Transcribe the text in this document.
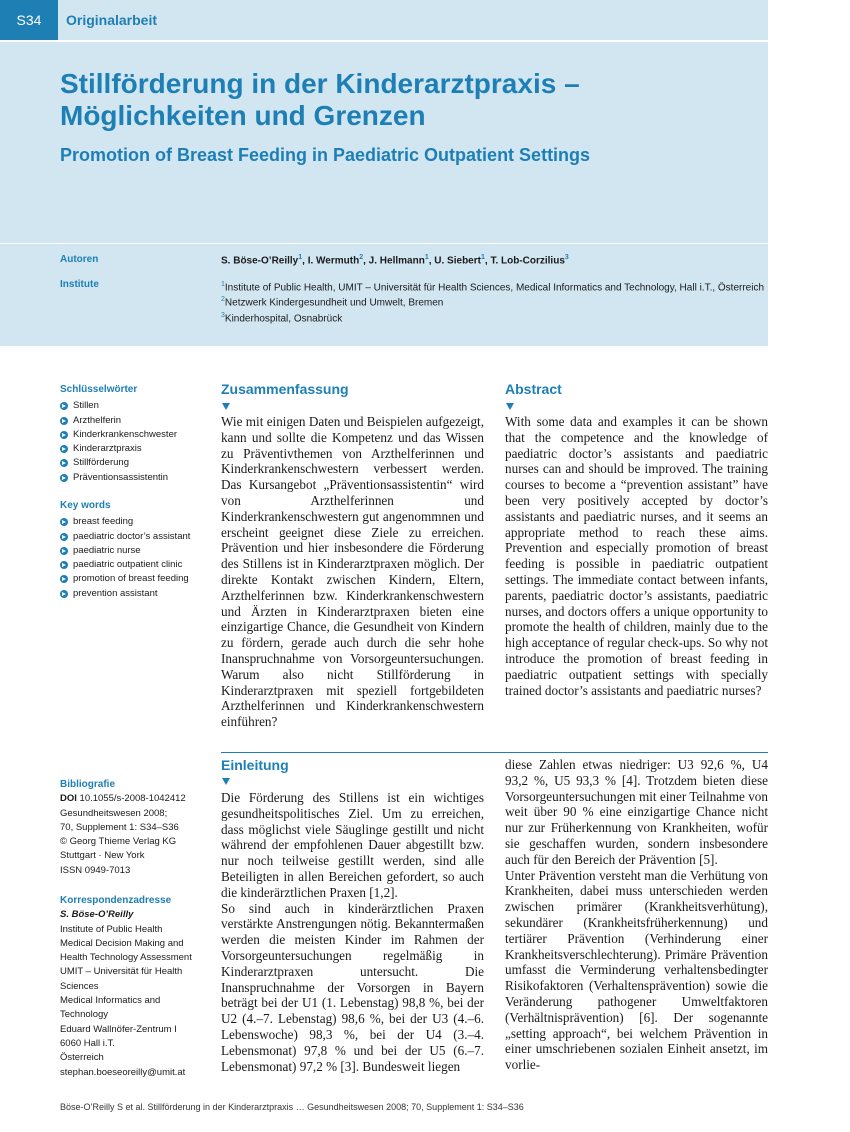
S34	Originalarbeit
Stillförderung in der Kinderarztpraxis – Möglichkeiten und Grenzen
Promotion of Breast Feeding in Paediatric Outpatient Settings
Autoren
Institute
S. Böse-O’Reilly$^1$, I. Wermuth$^2$, J. Hellmann$^1$, U. Siebert$^1$, T. Lob-Corzilius$^3$
$^1$Institute of Public Health, UMIT – Universität für Health Sciences, Medical Informatics and Technology, Hall i.T., Österreich
$^2$Netzwerk Kindergesundheit und Umwelt, Bremen
$^3$Kinderhospital, Osnabrück
Schlüsselwörter
Stillen
Arzthelferin
Kinderkrankenschwester
Kinderarztpraxis
Stillförderung
Präventionsassistentin
Key words
breast feeding
paediatric doctor’s assistant
paediatric nurse
paediatric outpatient clinic
promotion of breast feeding
prevention assistant
Zusammenfassung
Wie mit einigen Daten und Beispielen aufgezeigt, kann und sollte die Kompetenz und das Wissen zu Präventivthemen von Arzthelferinnen und Kinderkrankenschwestern verbessert werden. Das Kursangebot „Präventionsassistentin“ wird von Arzthelferinnen und Kinderkrankenschwestern gut angenommnen und erscheint geeignet diese Ziele zu erreichen. Prävention und hier insbesondere die Förderung des Stillens ist in Kinderarztpraxen möglich. Der direkte Kontakt zwischen Kindern, Eltern, Arzthelferinnen bzw. Kinderkrankenschwestern und Ärzten in Kinderarztpraxen bieten eine einzigartige Chance, die Gesundheit von Kindern zu fördern, gerade auch durch die sehr hohe Inanspruchnahme von Vorsorgeuntersuchungen. Warum also nicht Stillförderung in Kinderarztpraxen mit speziell fortgebildeten Arzthelferinnen und Kinderkrankenschwestern einführen?
Abstract
With some data and examples it can be shown that the competence and the knowledge of paediatric doctor’s assistants and paediatric nurses can and should be improved. The training courses to become a “prevention assistant” have been very positively accepted by doctor’s assistants and paediatric nurses, and it seems an appropriate method to reach these aims. Prevention and especially promotion of breast feeding is possible in paediatric outpatient settings. The immediate contact between infants, parents, paediatric doctor’s assistants, paediatric nurses, and doctors offers a unique opportunity to promote the health of children, mainly due to the high acceptance of regular check-ups. So why not introduce the promotion of breast feeding in paediatric outpatient settings with specially trained doctor’s assistants and paediatric nurses?
Einleitung

Die Förderung des Stillens ist ein wichtiges gesundheitspolitisches Ziel. Um zu erreichen, dass möglichst viele Säuglinge gestillt und nicht während der empfohlenen Dauer abgestillt bzw. nur noch teilweise gestillt werden, sind alle Beteiligten in allen Bereichen gefordert, so auch die kinderärztlichen Praxen [1,2].

So sind auch in kinderärztlichen Praxen verstärkte Anstrengungen nötig. Bekanntermaßen werden die meisten Kinder im Rahmen der Vorsorgeuntersuchungen regelmäßig in Kinderarztpraxen untersucht. Die Inanspruchnahme der Vorsorgen in Bayern beträgt bei der U1 (1. Lebenstag) 98,8 %, bei der U2 (4.–7. Lebenstag) 98,6 %, bei der U3 (4.–6. Lebenswoche) 98,3 %, bei der U4 (3.–4. Lebensmonat) 97,8 % und bei der U5 (6.–7. Lebensmonat) 97,2 % [3]. Bundesweit liegen

diese Zahlen etwas niedriger: U3 92,6 %, U4 93,2 %, U5 93,3 % [4]. Trotzdem bieten diese Vorsorgeuntersuchungen mit einer Teilnahme von weit über 90 % eine einzigartige Chance nicht nur zur Früherkennung von Krankheiten, wofür sie geschaffen wurden, sondern insbesondere auch für den Bereich der Prävention [5].

Unter Prävention versteht man die Verhütung von Krankheiten, dabei muss unterschieden werden zwischen primärer (Krankheitsverhütung), sekundärer (Krankheitsfrüherkennung) und tertiärer Prävention (Verhinderung einer Krankheitsverschlechterung). Primäre Prävention umfasst die Verminderung verhaltensbedingter Risikofaktoren (Verhaltensprävention) sowie die Veränderung pathogener Umweltfaktoren (Verhältnisprävention) [6]. Der sogenannte „setting approach“, bei welchem Prävention in einer umschriebenen sozialen Einheit ansetzt, im vorlie-

Bibliografie
DOI 10.1055/s-2008-1042412
Gesundheitswesen 2008;
70, Supplement 1: S34–S36
© Georg Thieme Verlag KG
Stuttgart · New York
ISSN 0949-7013
Korrespondenzadresse
S. Böse-O’Reilly
Institute of Public Health
Medical Decision Making and
Health Technology Assessment
UMIT – Universität für Health
Sciences
Medical Informatics and
Technology
Eduard Wallnöfer-Zentrum I
6060 Hall i.T.
Österreich
stephan.boeseoreilly@umit.at
Böse-O’Reilly S et al. Stillförderung in der Kinderarztpraxis … Gesundheitswesen 2008; 70, Supplement 1: S34–S36
